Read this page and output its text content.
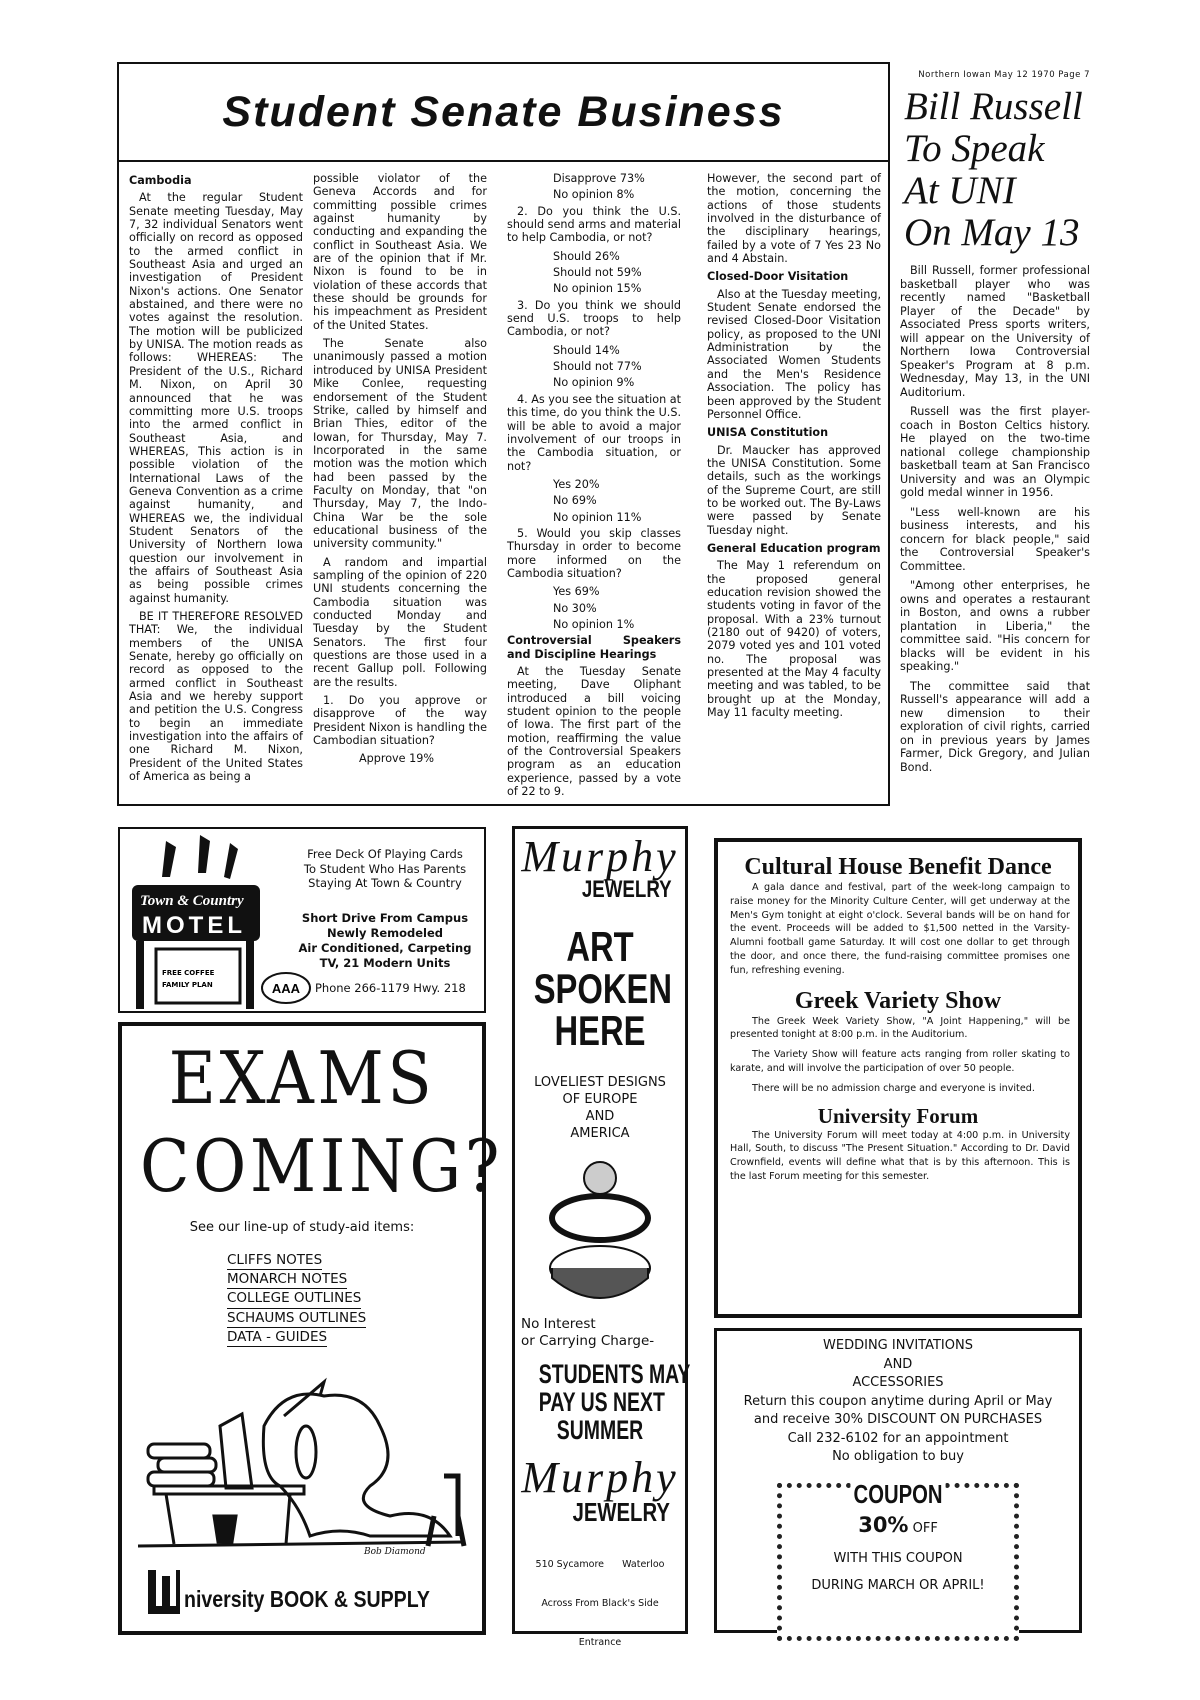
Northern Iowan May 12 1970 Page 7
Student Senate Business
Cambodia

At the regular Student Senate meeting Tuesday, May 7, 32 individual Senators went officially on record as opposed to the armed conflict in Southeast Asia and urged an investigation of President Nixon's actions. One Senator abstained, and there were no votes against the resolution. The motion will be publicized by UNISA. The motion reads as follows: WHEREAS: The President of the U.S., Richard M. Nixon, on April 30 announced that he was committing more U.S. troops into the armed conflict in Southeast Asia, and WHEREAS, This action is in possible violation of the International Laws of the Geneva Convention as a crime against humanity, and WHEREAS we, the individual Student Senators of the University of Northern Iowa question our involvement in the affairs of Southeast Asia as being possible crimes against humanity.

BE IT THEREFORE RESOLVED THAT: We, the individual members of the UNISA Senate, hereby go officially on record as opposed to the armed conflict in Southeast Asia and we hereby support and petition the U.S. Congress to begin an immediate investigation into the affairs of one Richard M. Nixon, President of the United States of America as being a

possible violator of the Geneva Accords and for committing possible crimes against humanity by conducting and expanding the conflict in Southeast Asia. We are of the opinion that if Mr. Nixon is found to be in violation of these accords that these should be grounds for his impeachment as President of the United States.

The Senate also unanimously passed a motion introduced by UNISA President Mike Conlee, requesting endorsement of the Student Strike, called by himself and Brian Thies, editor of the Iowan, for Thursday, May 7. Incorporated in the same motion was the motion which had been passed by the Faculty on Monday, that "on Thursday, May 7, the Indo-China War be the sole educational business of the university community."

A random and impartial sampling of the opinion of 220 UNI students concerning the Cambodia situation was conducted Monday and Tuesday by the Student Senators. The first four questions are those used in a recent Gallup poll. Following are the results.

1. Do you approve or disapprove of the way President Nixon is handling the Cambodian situation?

Approve 19%
Disapprove 73%
No opinion 8%

2. Do you think the U.S. should send arms and material to help Cambodia, or not?

Should 26%
Should not 59%
No opinion 15%

3. Do you think we should send U.S. troops to help Cambodia, or not?

Should 14%
Should not 77%
No opinion 9%

4. As you see the situation at this time, do you think the U.S. will be able to avoid a major involvement of our troops in the Cambodia situation, or not?

Yes 20%
No 69%
No opinion 11%

5. Would you skip classes Thursday in order to become more informed on the Cambodia situation?

Yes 69%
No 30%
No opinion 1%
Controversial Speakers and Discipline Hearings

At the Tuesday Senate meeting, Dave Oliphant introduced a bill voicing student opinion to the people of Iowa. The first part of the motion, reaffirming the value of the Controversial Speakers program as an education experience, passed by a vote of 22 to 9.

However, the second part of the motion, concerning the actions of those students involved in the disturbance of the disciplinary hearings, failed by a vote of 7 Yes 23 No and 4 Abstain.

Closed-Door Visitation

Also at the Tuesday meeting, Student Senate endorsed the revised Closed-Door Visitation policy, as proposed to the UNI Administration by the Associated Women Students and the Men's Residence Association. The policy has been approved by the Student Personnel Office.

UNISA Constitution

Dr. Maucker has approved the UNISA Constitution. Some details, such as the workings of the Supreme Court, are still to be worked out. The By-Laws were passed by Senate Tuesday night.

General Education program

The May 1 referendum on the proposed general education revision showed the students voting in favor of the proposal. With a 23% turnout (2180 out of 9420) of voters, 2079 voted yes and 101 voted no. The proposal was presented at the May 4 faculty meeting and was tabled, to be brought up at the Monday, May 11 faculty meeting.

Bill Russell
To Speak
At UNI
On May 13

Bill Russell, former professional basketball player who was recently named "Basketball Player of the Decade" by Associated Press sports writers, will appear on the University of Northern Iowa Controversial Speaker's Program at 8 p.m. Wednesday, May 13, in the UNI Auditorium.

Russell was the first player-coach in Boston Celtics history. He played on the two-time national college championship basketball team at San Francisco University and was an Olympic gold medal winner in 1956.

"Less well-known are his business interests, and his concern for black people," said the Controversial Speaker's Committee.

"Among other enterprises, he owns and operates a restaurant in Boston, and owns a rubber plantation in Liberia," the committee said. "His concern for blacks will be evident in his speaking."

The committee said that Russell's appearance will add a new dimension to their exploration of civil rights, carried on in previous years by James Farmer, Dick Gregory, and Julian Bond.

Town & Country
MOTEL
FREE COFFEE
FAMILY PLAN	AAA
Free Deck Of Playing Cards
To Student Who Has Parents
Staying At Town & Country
Short Drive From Campus
Newly Remodeled
Air Conditioned, Carpeting
TV, 21 Modern Units
Phone 266-1179 Hwy. 218
EXAMS
COMING?
See our line-up of study-aid items:
CLIFFS NOTES
MONARCH NOTES
COLLEGE OUTLINES
SCHAUMS OUTLINES
DATA - GUIDES
Bob Diamond
niversity BOOK & SUPPLY
Murphy
JEWELRY
ART
SPOKEN
HERE
LOVELIEST DESIGNS
OF EUROPE
AND
AMERICA
No Interest
or Carrying Charge-
STUDENTS MAY
PAY US NEXT
SUMMER
Murphy
JEWELRY

510 Sycamore      Waterloo

Across From Black's Side

Entrance

Cultural House Benefit Dance

A gala dance and festival, part of the week-long campaign to raise money for the Minority Culture Center, will get underway at the Men's Gym tonight at eight o'clock. Several bands will be on hand for the event. Proceeds will be added to $1,500 netted in the Varsity-Alumni football game Saturday. It will cost one dollar to get through the door, and once there, the fund-raising committee promises one fun, refreshing evening.

Greek Variety Show

The Greek Week Variety Show, "A Joint Happening," will be presented tonight at 8:00 p.m. in the Auditorium.

The Variety Show will feature acts ranging from roller skating to karate, and will involve the participation of over 50 people.

There will be no admission charge and everyone is invited.

University Forum

The University Forum will meet today at 4:00 p.m. in University Hall, South, to discuss "The Present Situation." According to Dr. David Crownfield, events will define what that is by this afternoon. This is the last Forum meeting for this semester.

WEDDING INVITATIONS
AND
ACCESSORIES
Return this coupon anytime during April or May
and receive 30% DISCOUNT ON PURCHASES
Call 232-6102 for an appointment
No obligation to buy
COUPON
30% OFF
WITH THIS COUPON
DURING MARCH OR APRIL!
